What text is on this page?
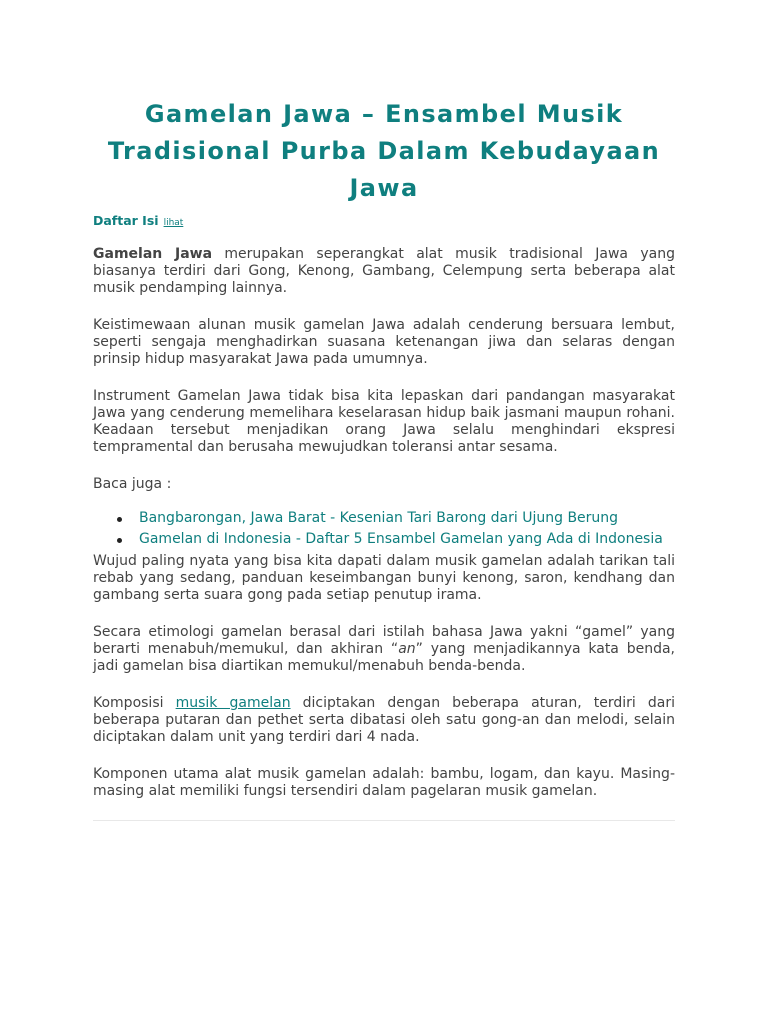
Gamelan Jawa – Ensambel Musik Tradisional Purba Dalam Kebudayaan Jawa
Daftar Isi lihat

Gamelan Jawa merupakan seperangkat alat musik tradisional Jawa yang biasanya terdiri dari Gong, Kenong, Gambang, Celempung serta beberapa alat musik pendamping lainnya.

Keistimewaan alunan musik gamelan Jawa adalah cenderung bersuara lembut, seperti sengaja menghadirkan suasana ketenangan jiwa dan selaras dengan prinsip hidup masyarakat Jawa pada umumnya.

Instrument Gamelan Jawa tidak bisa kita lepaskan dari pandangan masyarakat Jawa yang cenderung memelihara keselarasan hidup baik jasmani maupun rohani. Keadaan tersebut menjadikan orang Jawa selalu menghindari ekspresi tempramental dan berusaha mewujudkan toleransi antar sesama.

Baca juga :

Bangbarongan, Jawa Barat - Kesenian Tari Barong dari Ujung Berung
Gamelan di Indonesia - Daftar 5 Ensambel Gamelan yang Ada di Indonesia

Wujud paling nyata yang bisa kita dapati dalam musik gamelan adalah tarikan tali rebab yang sedang, panduan keseimbangan bunyi kenong, saron, kendhang dan gambang serta suara gong pada setiap penutup irama.

Secara etimologi gamelan berasal dari istilah bahasa Jawa yakni “gamel” yang berarti menabuh/memukul, dan akhiran “an” yang menjadikannya kata benda, jadi gamelan bisa diartikan memukul/menabuh benda-benda.

Komposisi musik gamelan diciptakan dengan beberapa aturan, terdiri dari beberapa putaran dan pethet serta dibatasi oleh satu gong-an dan melodi, selain diciptakan dalam unit yang terdiri dari 4 nada.

Komponen utama alat musik gamelan adalah: bambu, logam, dan kayu. Masing-masing alat memiliki fungsi tersendiri dalam pagelaran musik gamelan.
